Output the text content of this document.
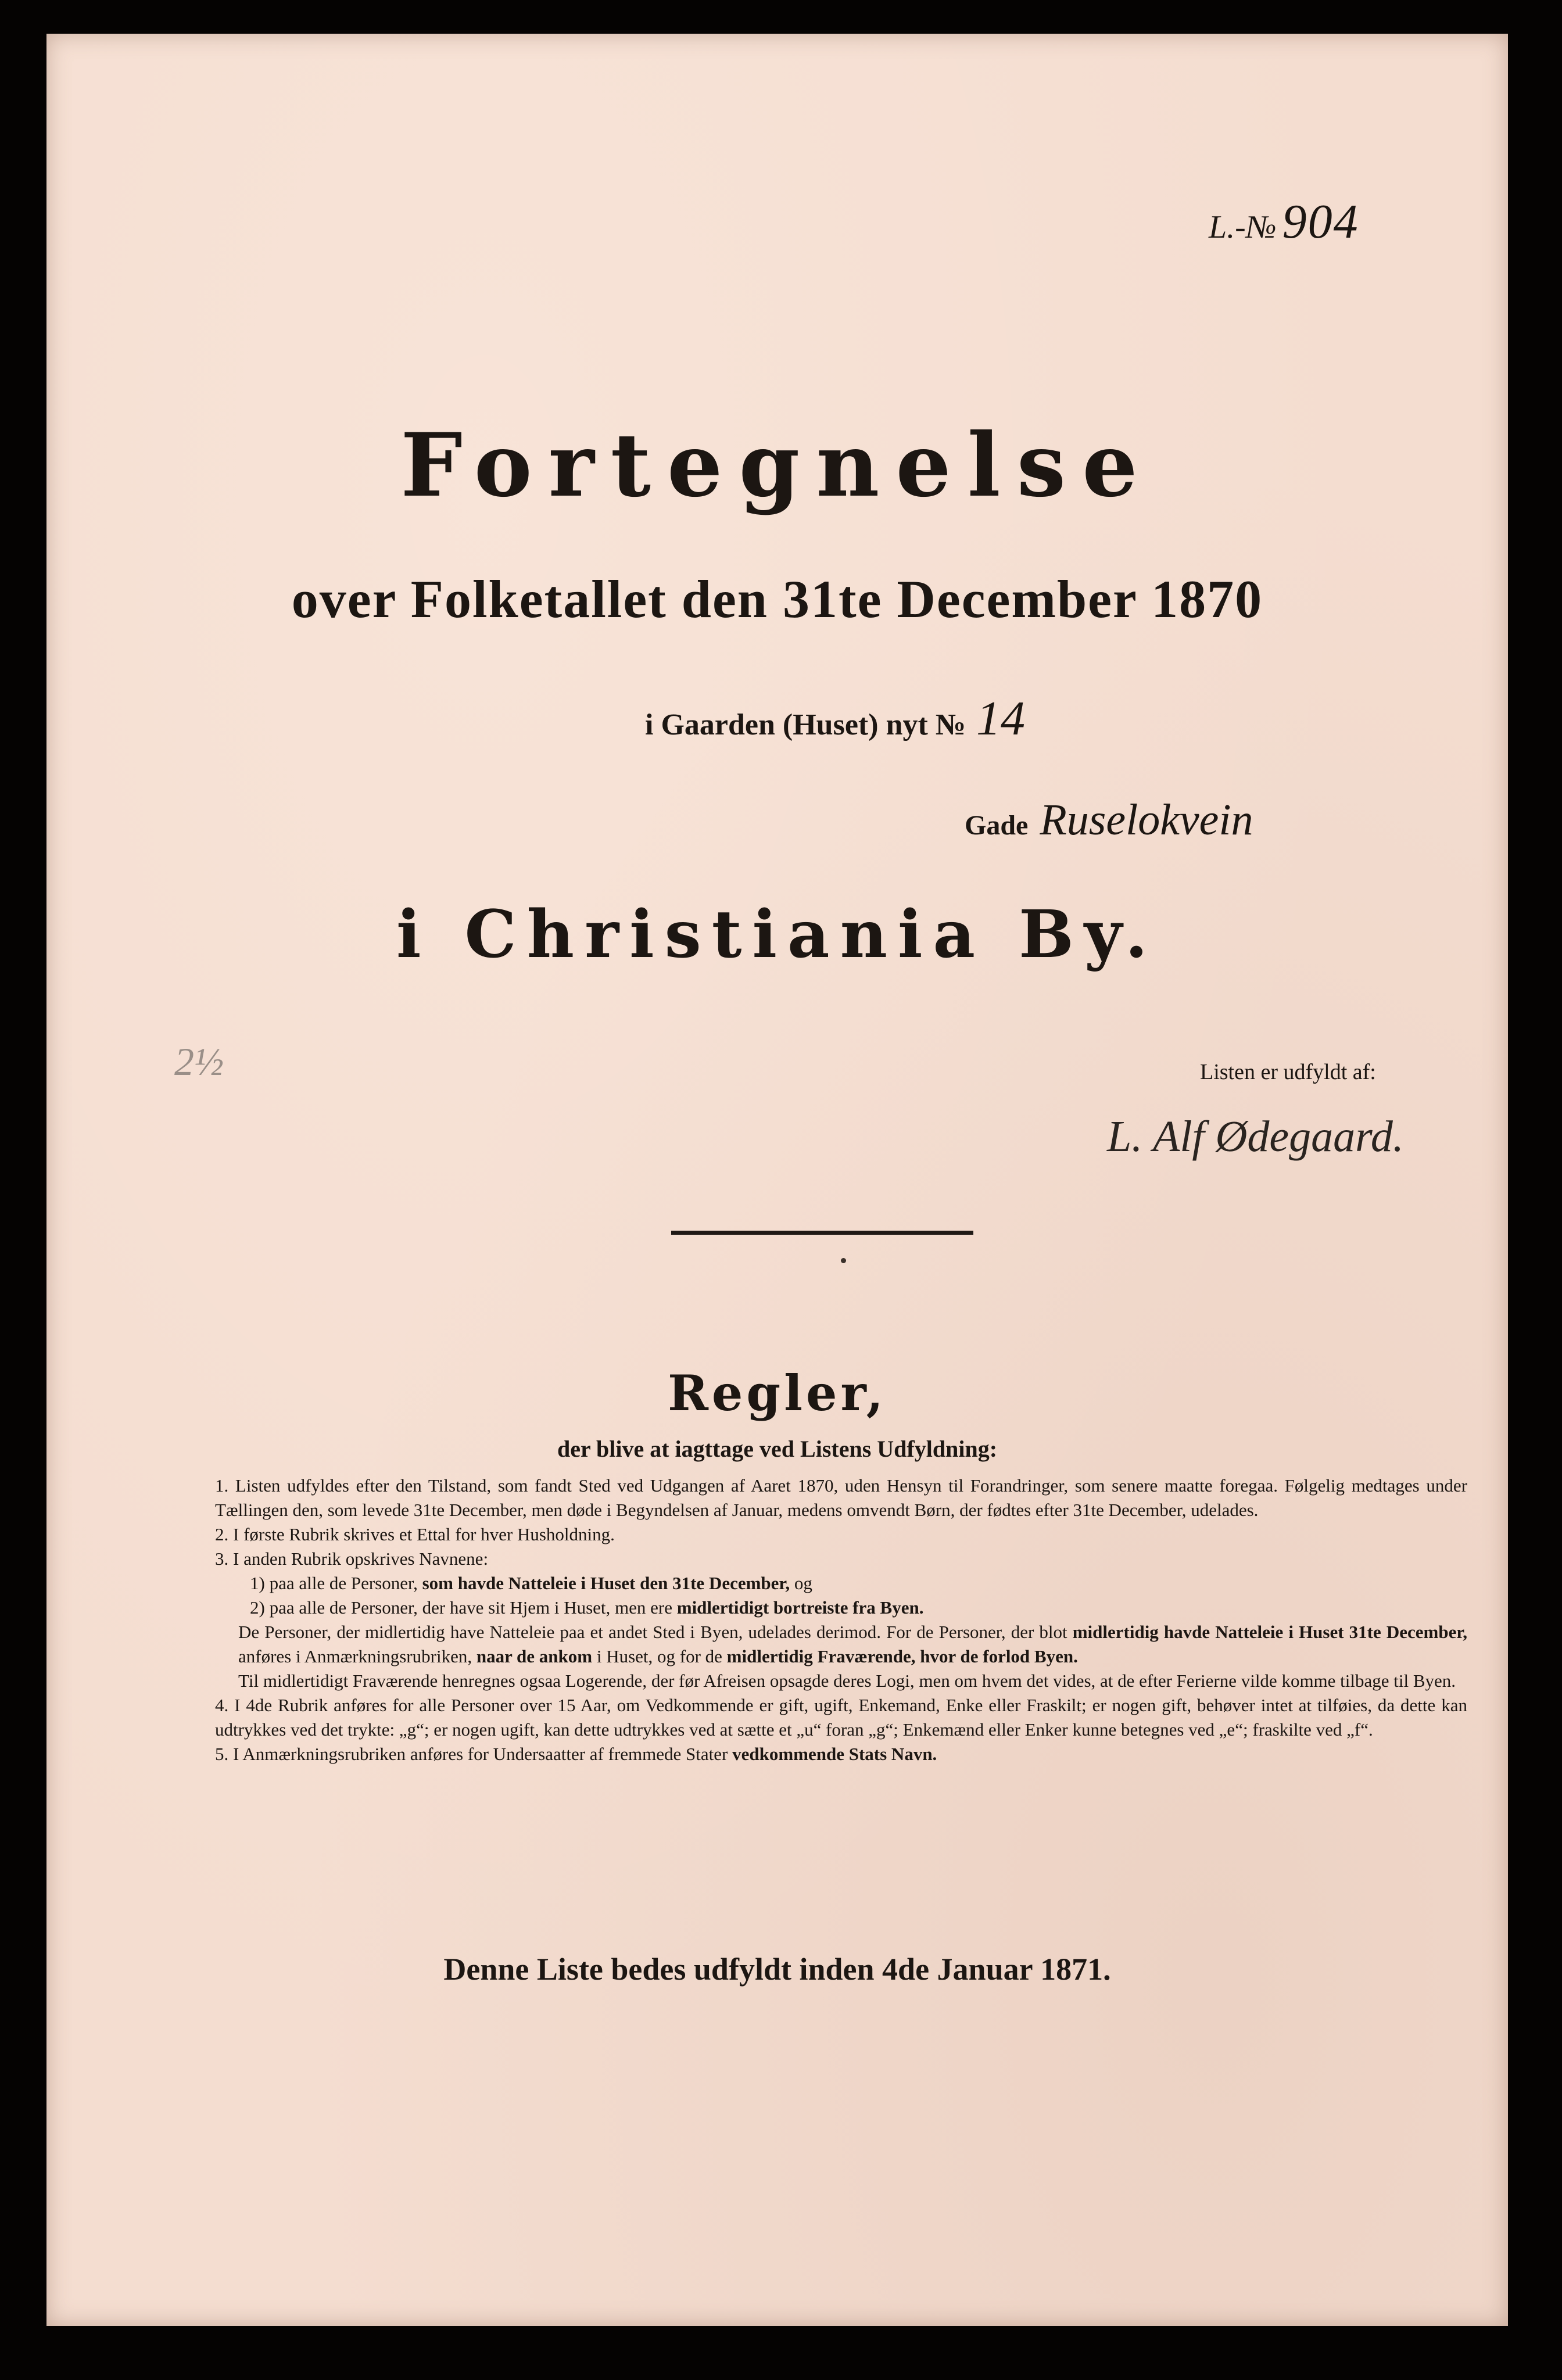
L.-№ 904
Fortegnelse
over Folketallet den 31te December 1870
i Gaarden (Huset) nyt № 14
Gade Ruselokvein
i Christiania By.
2½	Listen er udfyldt af:
L. Alf Ødegaard.
Regler,
der blive at iagttage ved Listens Udfyldning:

1. Listen udfyldes efter den Tilstand, som fandt Sted ved Udgangen af Aaret 1870, uden Hensyn til Forandringer, som senere maatte foregaa. Følgelig medtages under Tællingen den, som levede 31te December, men døde i Begyndelsen af Januar, medens omvendt Børn, der fødtes efter 31te December, udelades.

2. I første Rubrik skrives et Ettal for hver Husholdning.

3. I anden Rubrik opskrives Navnene:

1) paa alle de Personer, som havde Natteleie i Huset den 31te December, og

2) paa alle de Personer, der have sit Hjem i Huset, men ere midlertidigt bortreiste fra Byen.

De Personer, der midlertidig have Natteleie paa et andet Sted i Byen, udelades derimod. For de Personer, der blot midlertidig havde Natteleie i Huset 31te December, anføres i Anmærkningsrubriken, naar de ankom i Huset, og for de midlertidig Fraværende, hvor de forlod Byen.

Til midlertidigt Fraværende henregnes ogsaa Logerende, der før Afreisen opsagde deres Logi, men om hvem det vides, at de efter Ferierne vilde komme tilbage til Byen.

4. I 4de Rubrik anføres for alle Personer over 15 Aar, om Vedkommende er gift, ugift, Enkemand, Enke eller Fraskilt; er nogen gift, behøver intet at tilføies, da dette kan udtrykkes ved det trykte: „g“; er nogen ugift, kan dette udtrykkes ved at sætte et „u“ foran „g“; Enkemænd eller Enker kunne betegnes ved „e“; fraskilte ved „f“.

5. I Anmærkningsrubriken anføres for Undersaatter af fremmede Stater vedkommende Stats Navn.

Denne Liste bedes udfyldt inden 4de Januar 1871.
